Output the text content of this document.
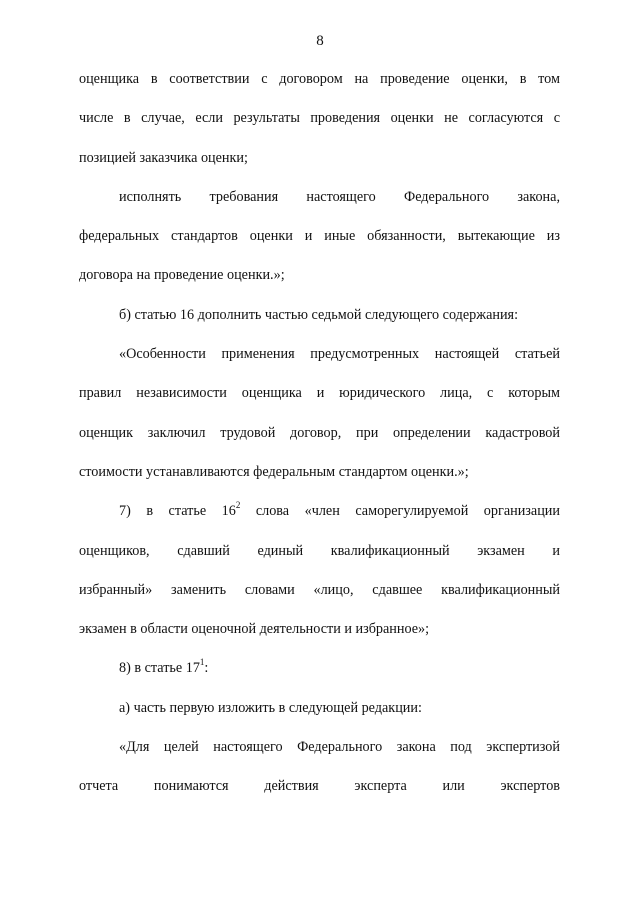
8
оценщика в соответствии с договором на проведение оценки, в том
числе в случае, если результаты проведения оценки не согласуются с
позицией заказчика оценки;
исполнять требования настоящего Федерального закона,
федеральных стандартов оценки и иные обязанности, вытекающие из
договора на проведение оценки.»;
б) статью 16 дополнить частью седьмой следующего содержания:
«Особенности применения предусмотренных настоящей статьей
правил независимости оценщика и юридического лица, с которым
оценщик заключил трудовой договор, при определении кадастровой
стоимости устанавливаются федеральным стандартом оценки.»;
7) в статье $16^2$ слова «член саморегулируемой организации
оценщиков, сдавший единый квалификационный экзамен и
избранный» заменить словами «лицо, сдавшее квалификационный
экзамен в области оценочной деятельности и избранное»;
8) в статье $17^1$:
а) часть первую изложить в следующей редакции:
«Для целей настоящего Федерального закона под экспертизой
отчета понимаются действия эксперта или экспертов
